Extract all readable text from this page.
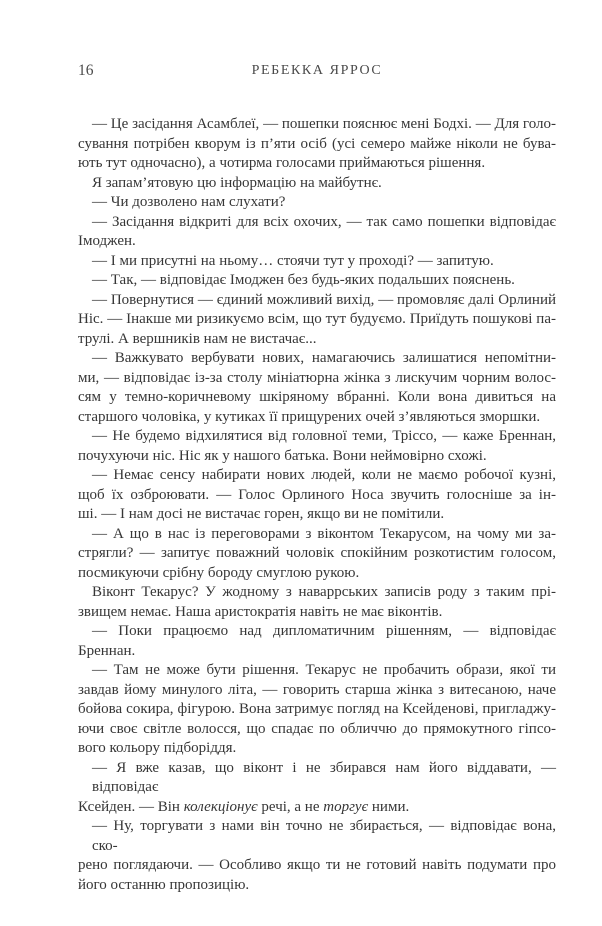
16	РЕБЕККА ЯРРОС

— Це засідання Асамблеї, — пошепки пояснює мені Бодхі. — Для голо-
сування потрібен кворум із п’яти осіб (усі семеро майже ніколи не бува-
ють тут одночасно), а чотирма голосами приймаються рішення.

Я запам’ятовую цю інформацію на майбутнє.

— Чи дозволено нам слухати?

— Засідання відкриті для всіх охочих, — так само пошепки відповідає
Імоджен.

— І ми присутні на ньому… стоячи тут у проході? — запитую.

— Так, — відповідає Імоджен без будь-яких подальших пояснень.

— Повернутися — єдиний можливий вихід, — промовляє далі Орлиний
Ніс. — Інакше ми ризикуємо всім, що тут будуємо. Приїдуть пошукові па-
трулі. А вершників нам не вистачає...

— Важкувато вербувати нових, намагаючись залишатися непомітни-
ми, — відповідає із-за столу мініатюрна жінка з лискучим чорним волос-
сям у темно-коричневому шкіряному вбранні. Коли вона дивиться на
старшого чоловіка, у кутиках її прищурених очей з’являються зморшки.

— Не будемо відхилятися від головної теми, Тріссо, — каже Бреннан,
почухуючи ніс. Ніс як у нашого батька. Вони неймовірно схожі.

— Немає сенсу набирати нових людей, коли не маємо робочої кузні,
щоб їх озброювати. — Голос Орлиного Носа звучить голосніше за ін-
ші. — І нам досі не вистачає горен, якщо ви не помітили.

— А що в нас із переговорами з віконтом Текарусом, на чому ми за-
стрягли? — запитує поважний чоловік спокійним розкотистим голосом,
посмикуючи срібну бороду смуглою рукою.

Віконт Текарус? У жодному з наваррських записів роду з таким прі-
звищем немає. Наша аристократія навіть не має віконтів.

— Поки працюємо над дипломатичним рішенням, — відповідає
Бреннан.

— Там не може бути рішення. Текарус не пробачить образи, якої ти
завдав йому минулого літа, — говорить старша жінка з витесаною, наче
бойова сокира, фігурою. Вона затримує погляд на Ксейденові, пригладжу-
ючи своє світле волосся, що спадає по обличчю до прямокутного гіпсо-
вого кольору підборіддя.

— Я вже казав, що віконт і не збирався нам його віддавати, — відповідає
Ксейден. — Він колекціонує речі, а не торгує ними.

— Ну, торгувати з нами він точно не збирається, — відповідає вона, ско-
рено поглядаючи. — Особливо якщо ти не готовий навіть подумати про
його останню пропозицію.
